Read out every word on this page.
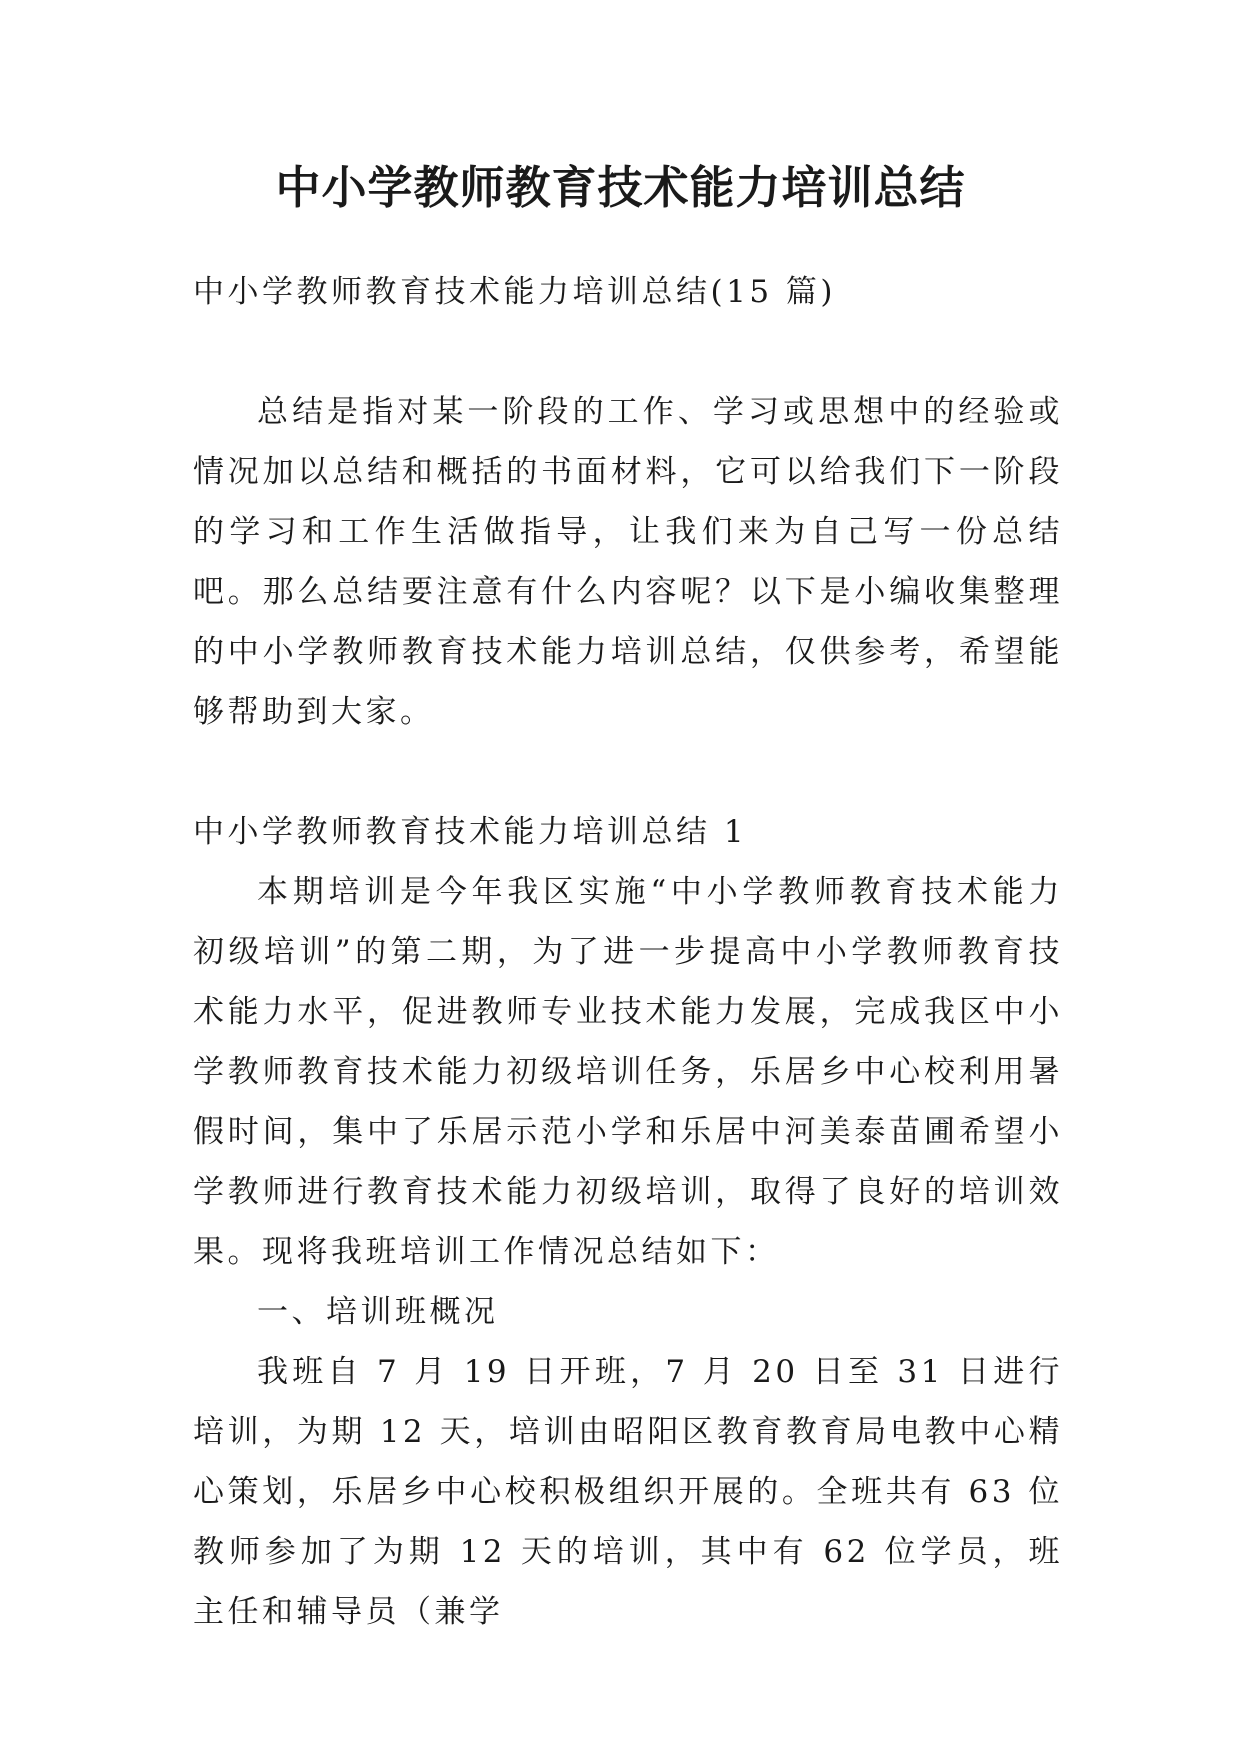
中小学教师教育技术能力培训总结

中小学教师教育技术能力培训总结(15 篇)

总结是指对某一阶段的工作、学习或思想中的经验或情况加以总结和概括的书面材料，它可以给我们下一阶段的学习和工作生活做指导，让我们来为自己写一份总结吧。那么总结要注意有什么内容呢？以下是小编收集整理的中小学教师教育技术能力培训总结，仅供参考，希望能够帮助到大家。

中小学教师教育技术能力培训总结 1

本期培训是今年我区实施“中小学教师教育技术能力初级培训”的第二期，为了进一步提高中小学教师教育技术能力水平，促进教师专业技术能力发展，完成我区中小学教师教育技术能力初级培训任务，乐居乡中心校利用暑假时间，集中了乐居示范小学和乐居中河美泰苗圃希望小学教师进行教育技术能力初级培训，取得了良好的培训效果。现将我班培训工作情况总结如下：

一、培训班概况

我班自 7 月 19 日开班，7 月 20 日至 31 日进行培训，为期 12 天，培训由昭阳区教育教育局电教中心精心策划，乐居乡中心校积极组织开展的。全班共有 63 位教师参加了为期 12 天的培训，其中有 62 位学员，班主任和辅导员（兼学
